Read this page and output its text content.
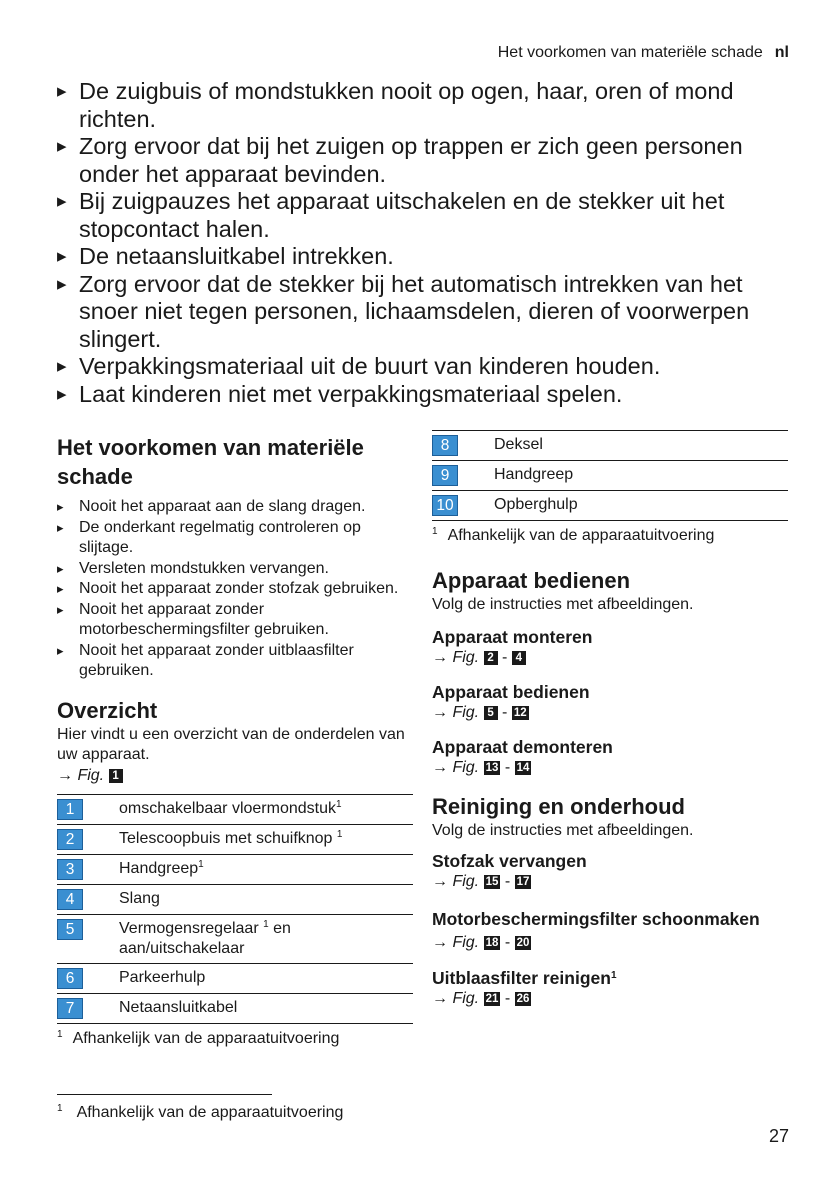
Het voorkomen van materiële schade nl
▸ De zuigbuis of mondstukken nooit op ogen, haar, oren of mond richten.
▸ Zorg ervoor dat bij het zuigen op trappen er zich geen personen onder het apparaat bevinden.
▸ Bij zuigpauzes het apparaat uitschakelen en de stekker uit het stopcontact halen.
▸ De netaansluitkabel intrekken.
▸ Zorg ervoor dat de stekker bij het automatisch intrekken van het snoer niet tegen personen, lichaamsdelen, dieren of voorwerpen slingert.
▸ Verpakkingsmateriaal uit de buurt van kinderen houden.
▸ Laat kinderen niet met verpakkingsmateriaal spelen.
Het voorkomen van materiële schade
▸ Nooit het apparaat aan de slang dragen.
▸ De onderkant regelmatig controleren op slijtage.
▸ Versleten mondstukken vervangen.
▸ Nooit het apparaat zonder stofzak gebruiken.
▸ Nooit het apparaat zonder motorbeschermingsfilter gebruiken.
▸ Nooit het apparaat zonder uitblaasfilter gebruiken.
Overzicht

Hier vindt u een overzicht van de onderdelen van uw apparaat.

→ Fig. 1
1	omschakelbaar vloermondstuk$^1$
2	Telescoopbuis met schuifknop $^1$
3	Handgreep$^1$
4	Slang
5	Vermogensregelaar $^1$ en aan/uitschakelaar
6	Parkeerhulp
7	Netaansluitkabel
$^1$ Afhankelijk van de apparaatuitvoering
8	Deksel
9	Handgreep
10	Opberghulp
$^1$ Afhankelijk van de apparaatuitvoering
Apparaat bedienen

Volg de instructies met afbeeldingen.

Apparaat monteren
→ Fig. 2 - 4
Apparaat bedienen
→ Fig. 5 - 12
Apparaat demonteren
→ Fig. 13 - 14
Reiniging en onderhoud

Volg de instructies met afbeeldingen.

Stofzak vervangen
→ Fig. 15 - 17
Motorbeschermingsfilter schoonmaken
→ Fig. 18 - 20
Uitblaasfilter reinigen$^1$
→ Fig. 21 - 26
$^1$ Afhankelijk van de apparaatuitvoering
27
